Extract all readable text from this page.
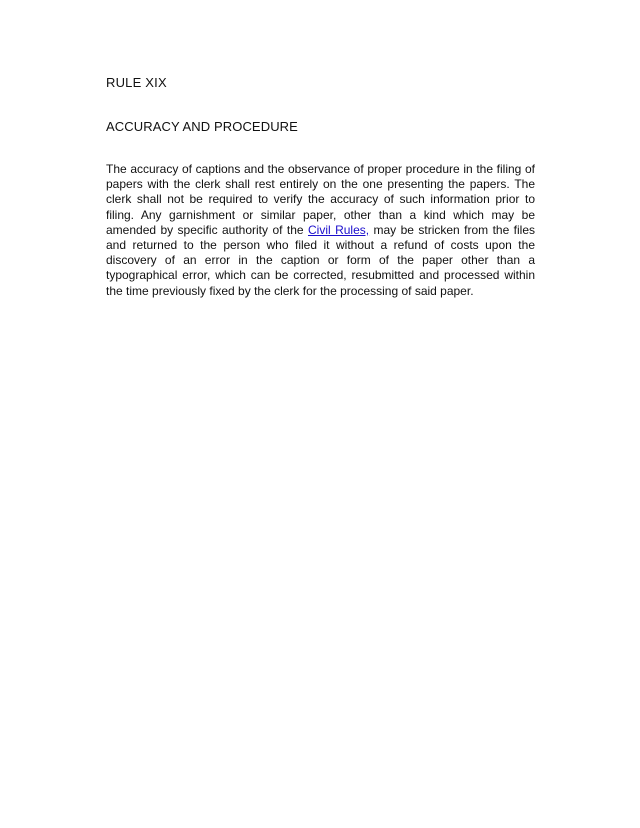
RULE XIX
ACCURACY AND PROCEDURE

The accuracy of captions and the observance of proper procedure in the filing of papers with the clerk shall rest entirely on the one presenting the papers. The clerk shall not be required to verify the accuracy of such information prior to filing. Any garnishment or similar paper, other than a kind which may be amended by specific authority of the Civil Rules, may be stricken from the files and returned to the person who filed it without a refund of costs upon the discovery of an error in the caption or form of the paper other than a typographical error, which can be corrected, resubmitted and processed within the time previously fixed by the clerk for the processing of said paper.
